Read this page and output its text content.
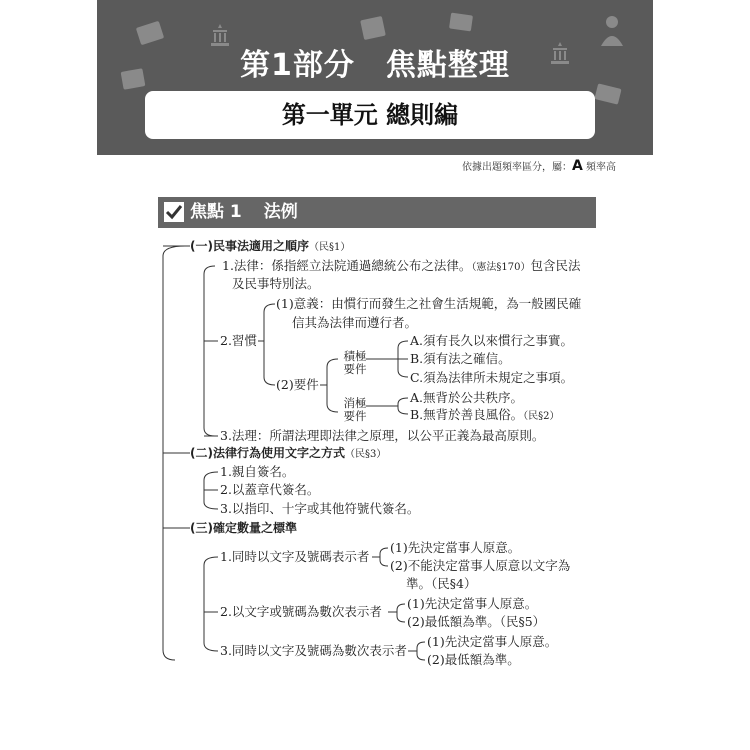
第1部分　焦點整理
第一單元 總則編
依據出題頻率區分，屬：A 頻率高
焦點 1 法例
(一)民事法適用之順序（民§1）
1.法律：係指經立法院通過總統公布之法律。（憲法§170）包含民法
及民事特別法。
2.習慣
(1)意義：由慣行而發生之社會生活規範，為一般國民確
信其為法律而遵行者。
(2)要件
積極要件
A.須有長久以來慣行之事實。
B.須有法之確信。
C.須為法律所未規定之事項。
消極要件
A.無背於公共秩序。
B.無背於善良風俗。（民§2）
3.法理：所謂法理即法律之原理，以公平正義為最高原則。
(二)法律行為使用文字之方式（民§3）
1.親自簽名。
2.以蓋章代簽名。
3.以指印、十字或其他符號代簽名。
(三)確定數量之標準
1.同時以文字及號碼表示者
(1)先決定當事人原意。
(2)不能決定當事人原意以文字為
準。（民§4）
2.以文字或號碼為數次表示者
(1)先決定當事人原意。
(2)最低額為準。（民§5）
3.同時以文字及號碼為數次表示者
(1)先決定當事人原意。
(2)最低額為準。
